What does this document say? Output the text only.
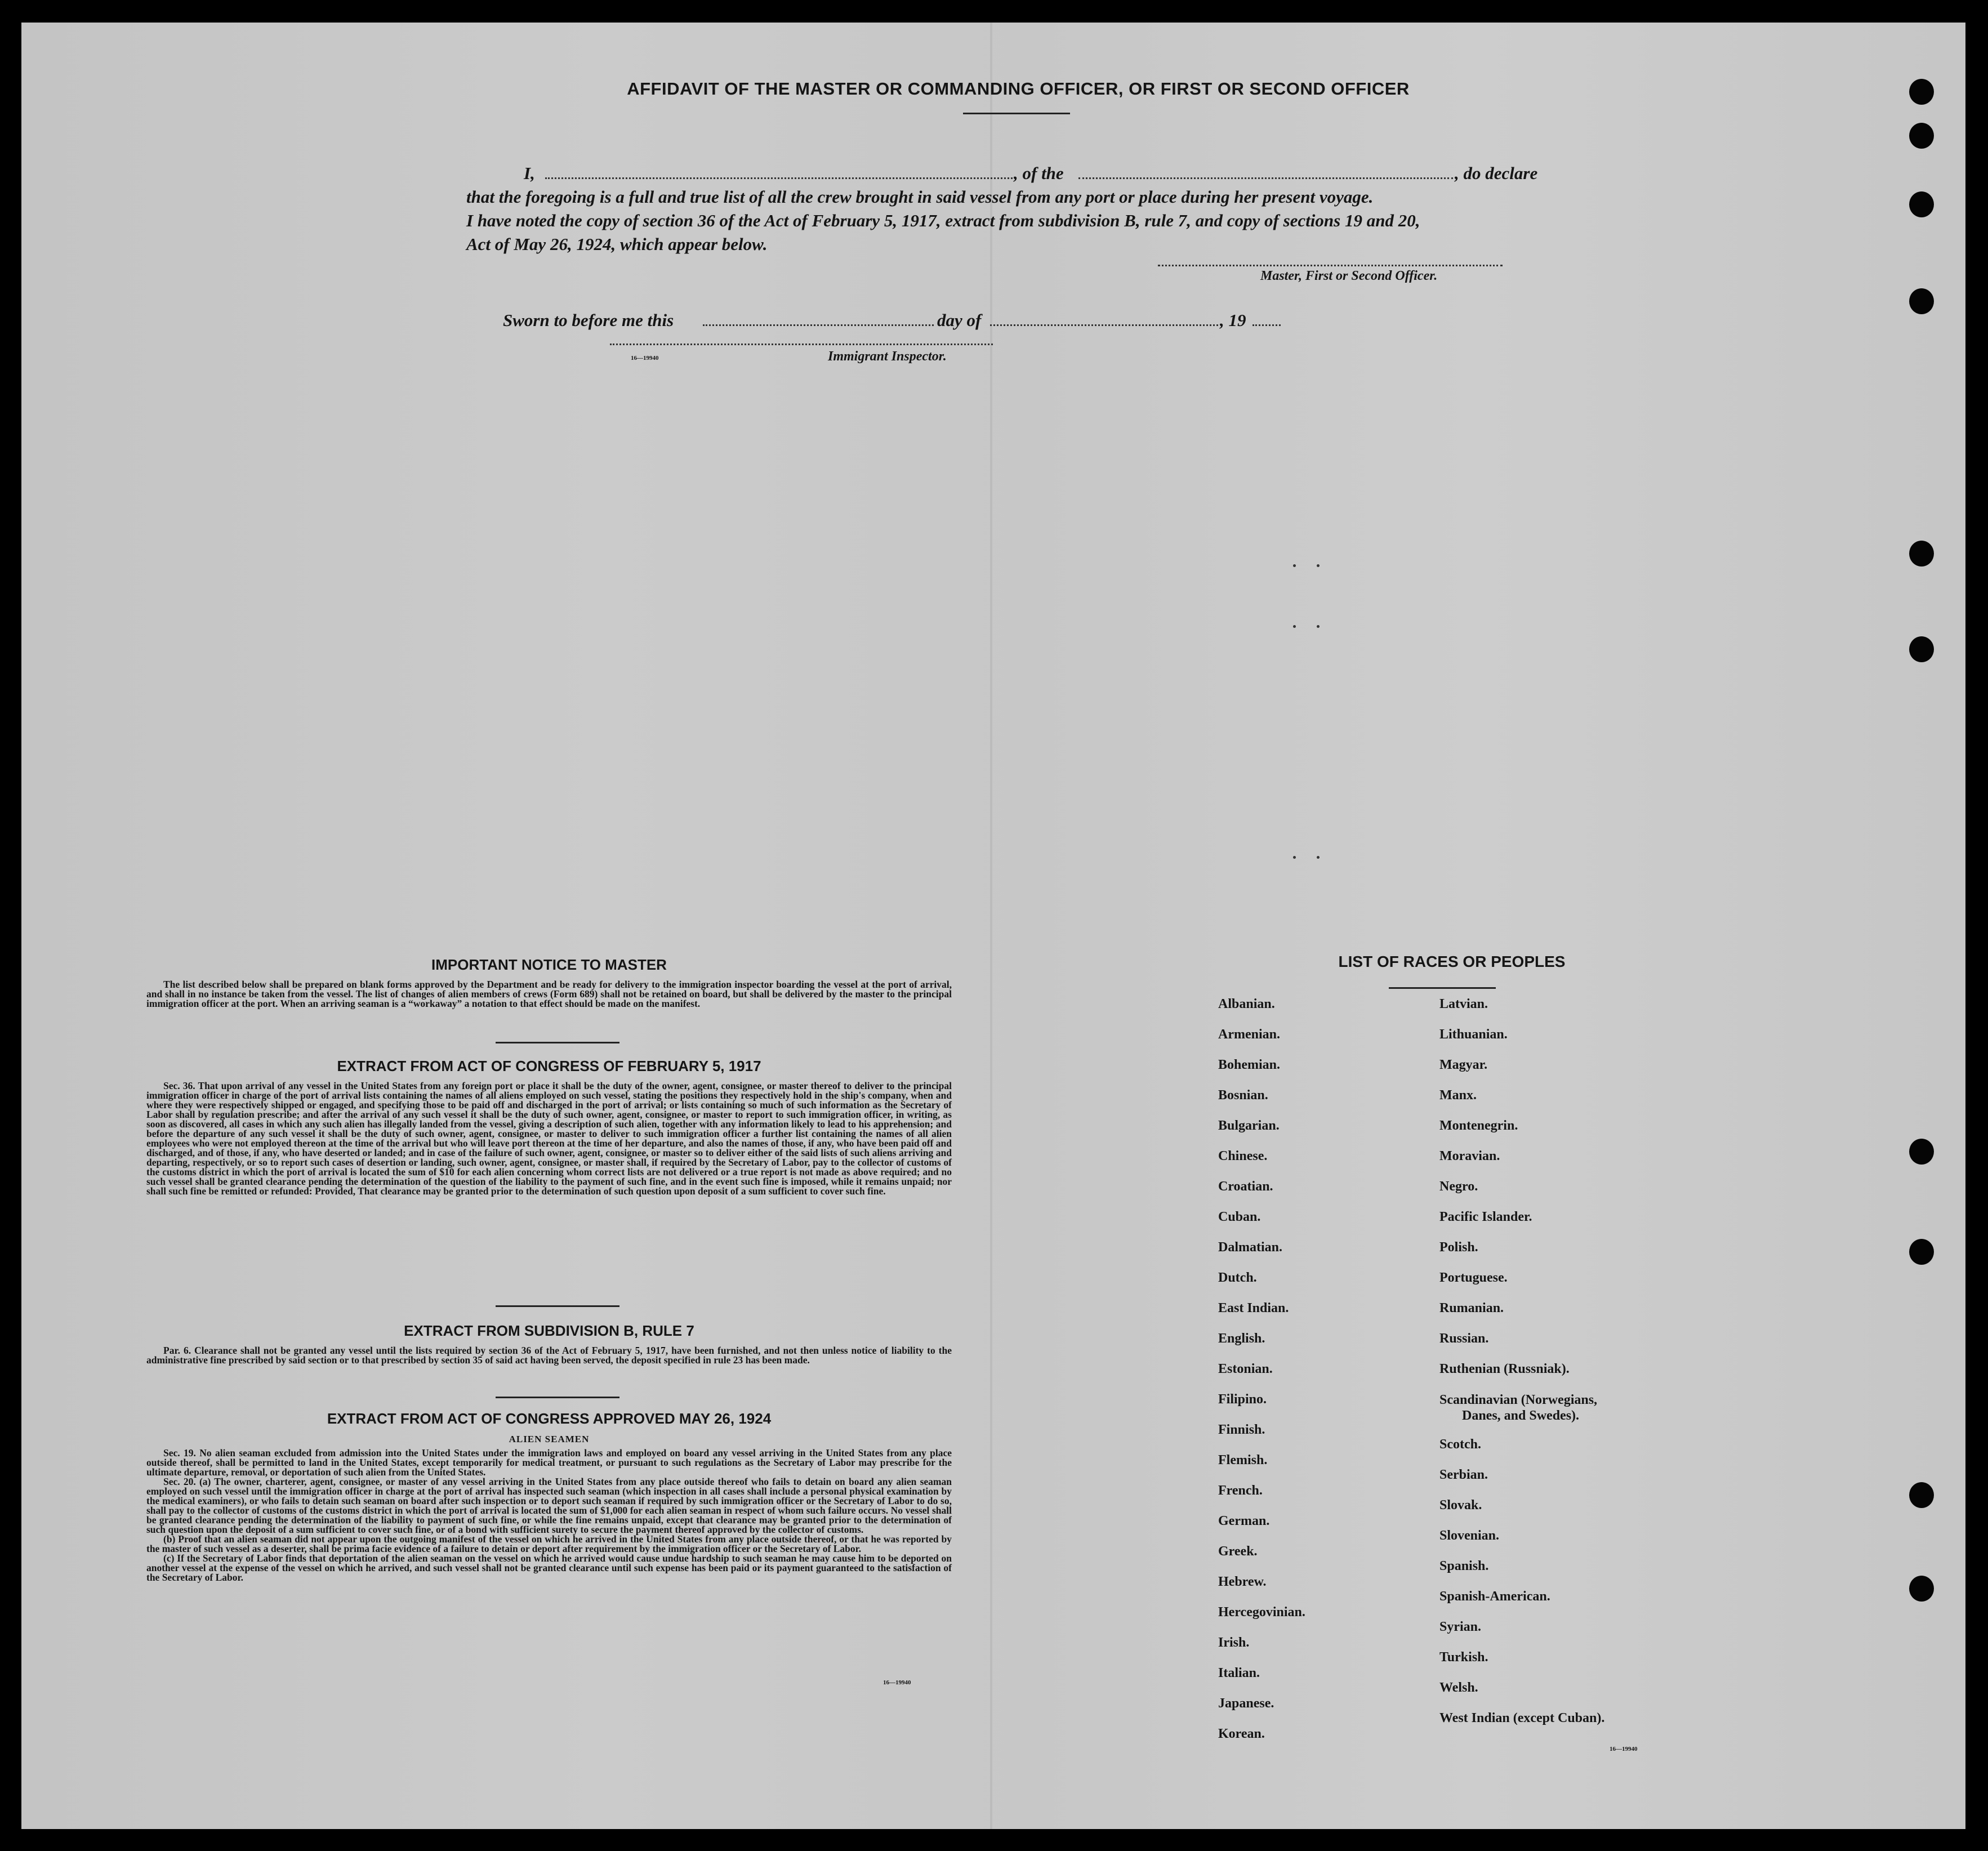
AFFIDAVIT OF THE MASTER OR COMMANDING OFFICER, OR FIRST OR SECOND OFFICER
I,	, of the	, do declare
that the foregoing is a full and true list of all the crew brought in said vessel from any port or place during her present voyage.
I have noted the copy of section 36 of the Act of February 5, 1917, extract from subdivision B, rule 7, and copy of sections 19 and 20,
Act of May 26, 1924, which appear below.
Master, First or Second Officer.
Sworn to before me this	day of	, 19
16—19940	Immigrant Inspector.
IMPORTANT NOTICE TO MASTER

The list described below shall be prepared on blank forms approved by the Department and be ready for delivery to the immigration inspector boarding the vessel at the port of arrival, and shall in no instance be taken from the vessel. The list of changes of alien members of crews (Form 689) shall not be retained on board, but shall be delivered by the master to the principal immigration officer at the port. When an arriving seaman is a “workaway” a notation to that effect should be made on the manifest.

EXTRACT FROM ACT OF CONGRESS OF FEBRUARY 5, 1917

Sec. 36. That upon arrival of any vessel in the United States from any foreign port or place it shall be the duty of the owner, agent, consignee, or master thereof to deliver to the principal immigration officer in charge of the port of arrival lists containing the names of all aliens employed on such vessel, stating the positions they respectively hold in the ship's company, when and where they were respectively shipped or engaged, and specifying those to be paid off and discharged in the port of arrival; or lists containing so much of such information as the Secretary of Labor shall by regulation prescribe; and after the arrival of any such vessel it shall be the duty of such owner, agent, consignee, or master to report to such immigration officer, in writing, as soon as discovered, all cases in which any such alien has illegally landed from the vessel, giving a description of such alien, together with any information likely to lead to his apprehension; and before the departure of any such vessel it shall be the duty of such owner, agent, consignee, or master to deliver to such immigration officer a further list containing the names of all alien employees who were not employed thereon at the time of the arrival but who will leave port thereon at the time of her departure, and also the names of those, if any, who have been paid off and discharged, and of those, if any, who have deserted or landed; and in case of the failure of such owner, agent, consignee, or master so to deliver either of the said lists of such aliens arriving and departing, respectively, or so to report such cases of desertion or landing, such owner, agent, consignee, or master shall, if required by the Secretary of Labor, pay to the collector of customs of the customs district in which the port of arrival is located the sum of $10 for each alien concerning whom correct lists are not delivered or a true report is not made as above required; and no such vessel shall be granted clearance pending the determination of the question of the liability to the payment of such fine, and in the event such fine is imposed, while it remains unpaid; nor shall such fine be remitted or refunded: Provided, That clearance may be granted prior to the determination of such question upon deposit of a sum sufficient to cover such fine.

EXTRACT FROM SUBDIVISION B, RULE 7

Par. 6. Clearance shall not be granted any vessel until the lists required by section 36 of the Act of February 5, 1917, have been furnished, and not then unless notice of liability to the administrative fine prescribed by said section or to that prescribed by section 35 of said act having been served, the deposit specified in rule 23 has been made.

EXTRACT FROM ACT OF CONGRESS APPROVED MAY 26, 1924
ALIEN SEAMEN

Sec. 19. No alien seaman excluded from admission into the United States under the immigration laws and employed on board any vessel arriving in the United States from any place outside thereof, shall be permitted to land in the United States, except temporarily for medical treatment, or pursuant to such regulations as the Secretary of Labor may prescribe for the ultimate departure, removal, or deportation of such alien from the United States.

Sec. 20. (a) The owner, charterer, agent, consignee, or master of any vessel arriving in the United States from any place outside thereof who fails to detain on board any alien seaman employed on such vessel until the immigration officer in charge at the port of arrival has inspected such seaman (which inspection in all cases shall include a personal physical examination by the medical examiners), or who fails to detain such seaman on board after such inspection or to deport such seaman if required by such immigration officer or the Secretary of Labor to do so, shall pay to the collector of customs of the customs district in which the port of arrival is located the sum of $1,000 for each alien seaman in respect of whom such failure occurs. No vessel shall be granted clearance pending the determination of the liability to payment of such fine, or while the fine remains unpaid, except that clearance may be granted prior to the determination of such question upon the deposit of a sum sufficient to cover such fine, or of a bond with sufficient surety to secure the payment thereof approved by the collector of customs.

(b) Proof that an alien seaman did not appear upon the outgoing manifest of the vessel on which he arrived in the United States from any place outside thereof, or that he was reported by the master of such vessel as a deserter, shall be prima facie evidence of a failure to detain or deport after requirement by the immigration officer or the Secretary of Labor.

(c) If the Secretary of Labor finds that deportation of the alien seaman on the vessel on which he arrived would cause undue hardship to such seaman he may cause him to be deported on another vessel at the expense of the vessel on which he arrived, and such vessel shall not be granted clearance until such expense has been paid or its payment guaranteed to the satisfaction of the Secretary of Labor.

16—19940
LIST OF RACES OR PEOPLES
Albanian.
Armenian.
Bohemian.
Bosnian.
Bulgarian.
Chinese.
Croatian.
Cuban.
Dalmatian.
Dutch.
East Indian.
English.
Estonian.
Filipino.
Finnish.
Flemish.
French.
German.
Greek.
Hebrew.
Hercegovinian.
Irish.
Italian.
Japanese.
Korean.
Latvian.
Lithuanian.
Magyar.
Manx.
Montenegrin.
Moravian.
Negro.
Pacific Islander.
Polish.
Portuguese.
Rumanian.
Russian.
Ruthenian (Russniak).
Scandinavian (Norwegians,
Danes, and Swedes).
Scotch.
Serbian.
Slovak.
Slovenian.
Spanish.
Spanish-American.
Syrian.
Turkish.
Welsh.
West Indian (except Cuban).
16—19940
